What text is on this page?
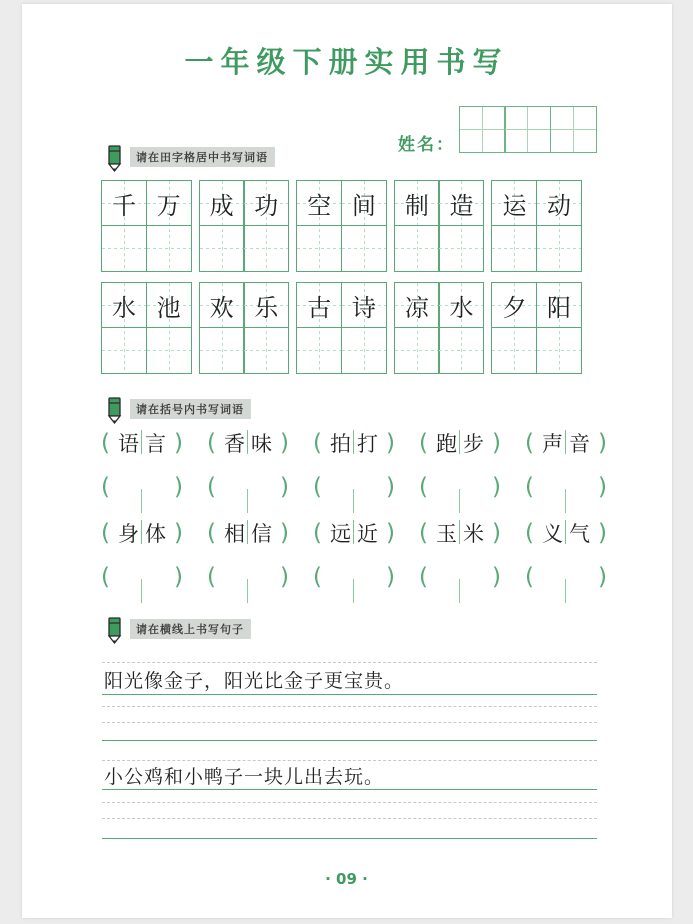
一年级下册实用书写
姓名：
请在田字格居中书写词语
千 万	成 功	空 间	制 造	运 动
水 池	欢 乐	古 诗	凉 水	夕 阳
请在括号内书写词语
( 语 言 ) ( 香 味 ) ( 拍 打 ) ( 跑 步 ) ( 声 音 )
(	) (	) (	) (	) (	)
( 身 体 ) ( 相 信 ) ( 远 近 ) ( 玉 米 ) ( 义 气 )
(	) (	) (	) (	) (	)
请在横线上书写句子
阳光像金子，阳光比金子更宝贵。
小公鸡和小鸭子一块儿出去玩。
· 09 ·
